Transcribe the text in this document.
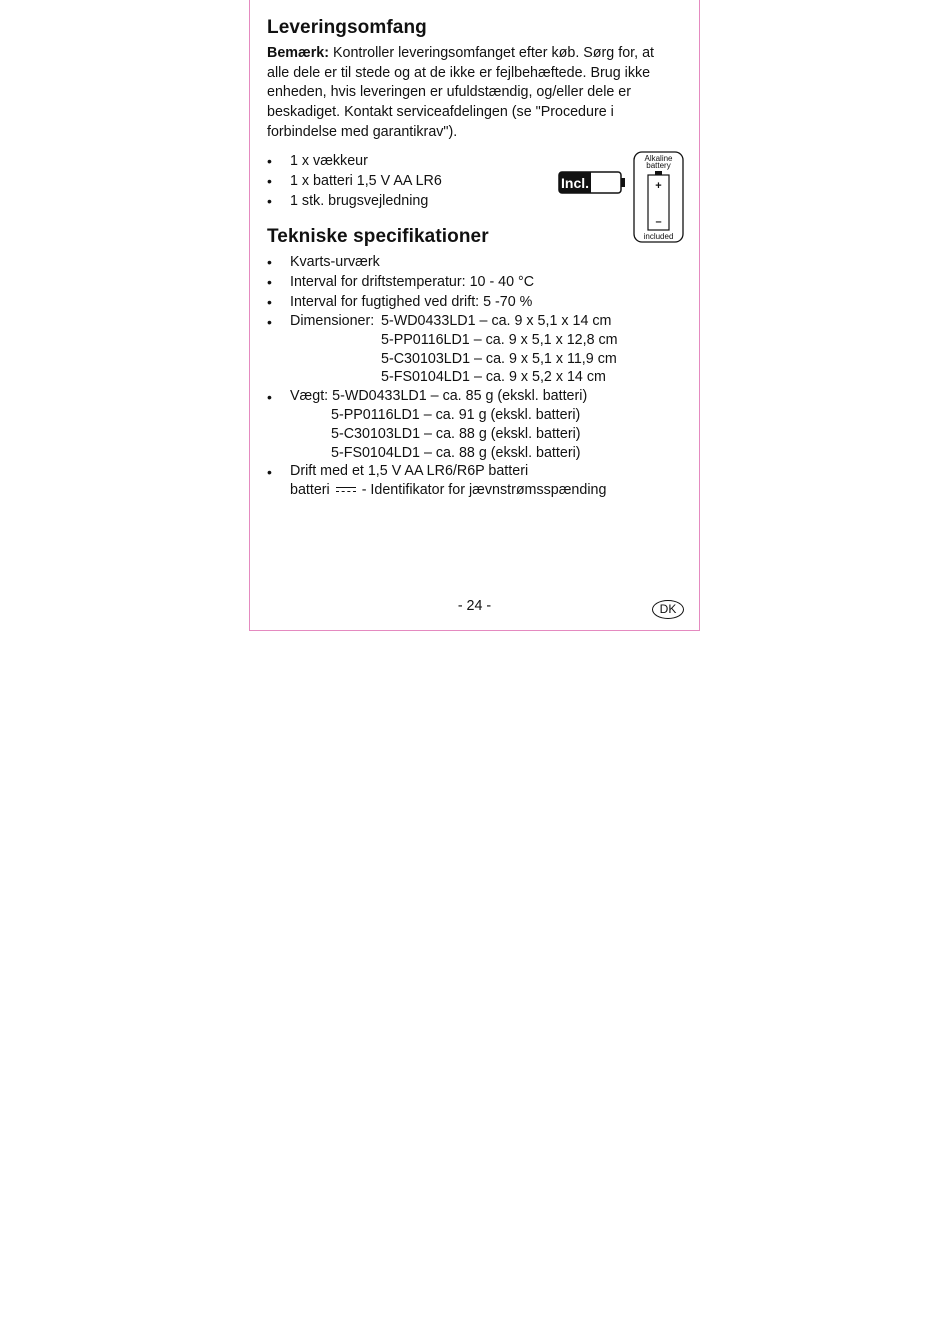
Leveringsomfang

Bemærk: Kontroller leveringsomfanget efter køb. Sørg for, at alle dele er til stede og at de ikke er fejlbehæftede. Brug ikke enheden, hvis leveringen er ufuldstændig, og/eller dele er beskadiget. Kontakt serviceafdelingen (se "Procedure i forbindelse med garantikrav").

• 1 x vækkeur
• 1 x batteri 1,5 V AA LR6
• 1 stk. brugsvejledning
Incl.
Alkaline
battery
+
–
included
Tekniske specifikationer
• Kvarts-urværk
• Interval for driftstemperatur: 10 - 40 °C
• Interval for fugtighed ved drift: 5 -70 %
• Dimensioner: 5-WD0433LD1 – ca. 9 x 5,1 x 14 cm
5-PP0116LD1 – ca. 9 x 5,1 x 12,8 cm
5-C30103LD1 – ca. 9 x 5,1 x 11,9 cm
5-FS0104LD1 – ca. 9 x 5,2 x 14 cm
• Vægt: 5-WD0433LD1 – ca. 85 g (ekskl. batteri)
5-PP0116LD1 – ca. 91 g (ekskl. batteri)
5-C30103LD1 – ca. 88 g (ekskl. batteri)
5-FS0104LD1 – ca. 88 g (ekskl. batteri)
• Drift med et 1,5 V AA LR6/R6P batteri
batteri  - Identifikator for jævnstrømsspænding
- 24 -	DK
